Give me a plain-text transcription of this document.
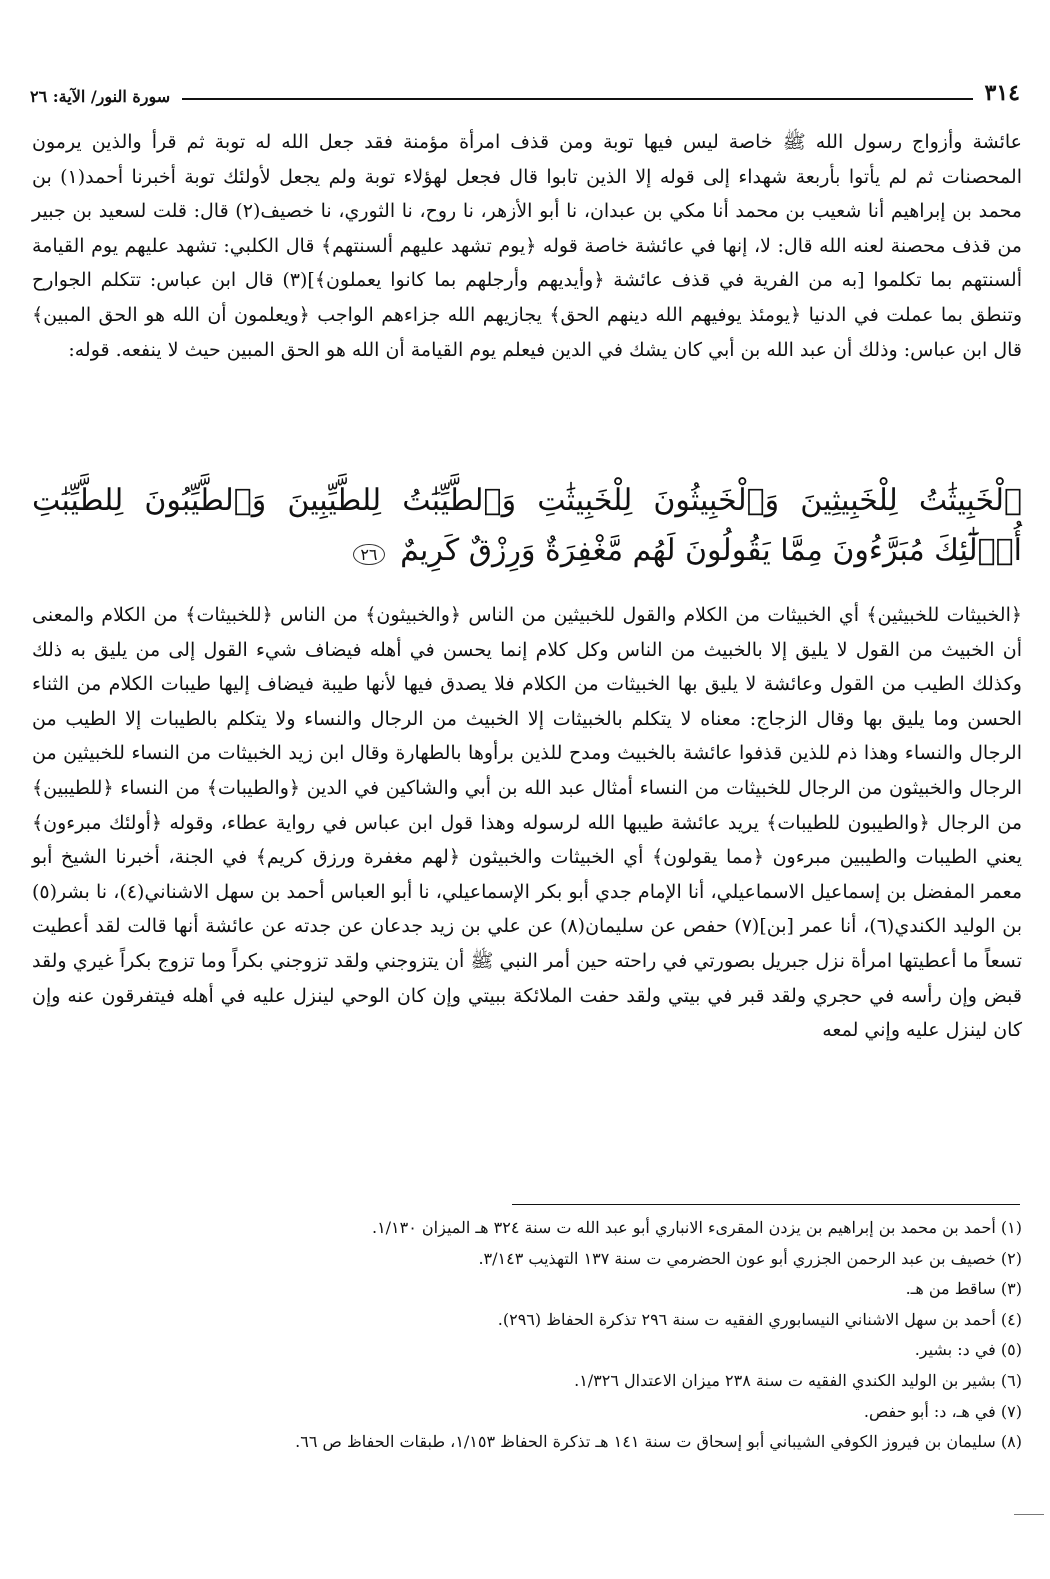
٣١٤
سورة النور/ الآية: ٢٦

عائشة وأزواج رسول الله ﷺ خاصة ليس فيها توبة ومن قذف امرأة مؤمنة فقد جعل الله له توبة ثم قرأ والذين يرمون المحصنات ثم لم يأتوا بأربعة شهداء إلى قوله إلا الذين تابوا قال فجعل لهؤلاء توبة ولم يجعل لأولئك توبة أخبرنا أحمد(١) بن محمد بن إبراهيم أنا شعيب بن محمد أنا مكي بن عبدان، نا أبو الأزهر، نا روح، نا الثوري، نا خصيف(٢) قال: قلت لسعيد بن جبير من قذف محصنة لعنه الله قال: لا، إنها في عائشة خاصة قوله ﴿يوم تشهد عليهم ألسنتهم﴾ قال الكلبي: تشهد عليهم يوم القيامة ألسنتهم بما تكلموا [به من الفرية في قذف عائشة ﴿وأيديهم وأرجلهم بما كانوا يعملون﴾](٣) قال ابن عباس: تتكلم الجوارح وتنطق بما عملت في الدنيا ﴿يومئذ يوفيهم الله دينهم الحق﴾ يجازيهم الله جزاءهم الواجب ﴿ويعلمون أن الله هو الحق المبين﴾ قال ابن عباس: وذلك أن عبد الله بن أبي كان يشك في الدين فيعلم يوم القيامة أن الله هو الحق المبين حيث لا ينفعه. قوله:

ٱلْخَبِيثَٰتُ لِلْخَبِيثِينَ وَٱلْخَبِيثُونَ لِلْخَبِيثَٰتِ وَٱلطَّيِّبَٰتُ لِلطَّيِّبِينَ وَٱلطَّيِّبُونَ لِلطَّيِّبَٰتِ أُو۟لَٰٓئِكَ مُبَرَّءُونَ مِمَّا يَقُولُونَ لَهُم مَّغْفِرَةٌ وَرِزْقٌ كَرِيمٌ ٢٦

﴿الخبيثات للخبيثين﴾ أي الخبيثات من الكلام والقول للخبيثين من الناس ﴿والخبيثون﴾ من الناس ﴿للخبيثات﴾ من الكلام والمعنى أن الخبيث من القول لا يليق إلا بالخبيث من الناس وكل كلام إنما يحسن في أهله فيضاف شيء القول إلى من يليق به ذلك وكذلك الطيب من القول وعائشة لا يليق بها الخبيثات من الكلام فلا يصدق فيها لأنها طيبة فيضاف إليها طيبات الكلام من الثناء الحسن وما يليق بها وقال الزجاج: معناه لا يتكلم بالخبيثات إلا الخبيث من الرجال والنساء ولا يتكلم بالطيبات إلا الطيب من الرجال والنساء وهذا ذم للذين قذفوا عائشة بالخبيث ومدح للذين برأوها بالطهارة وقال ابن زيد الخبيثات من النساء للخبيثين من الرجال والخبيثون من الرجال للخبيثات من النساء أمثال عبد الله بن أبي والشاكين في الدين ﴿والطيبات﴾ من النساء ﴿للطيبين﴾ من الرجال ﴿والطيبون للطيبات﴾ يريد عائشة طيبها الله لرسوله وهذا قول ابن عباس في رواية عطاء، وقوله ﴿أولئك مبرءون﴾ يعني الطيبات والطيبين مبرءون ﴿مما يقولون﴾ أي الخبيثات والخبيثون ﴿لهم مغفرة ورزق كريم﴾ في الجنة، أخبرنا الشيخ أبو معمر المفضل بن إسماعيل الاسماعيلي، أنا الإمام جدي أبو بكر الإسماعيلي، نا أبو العباس أحمد بن سهل الاشناني(٤)، نا بشر(٥) بن الوليد الكندي(٦)، أنا عمر [بن](٧) حفص عن سليمان(٨) عن علي بن زيد جدعان عن جدته عن عائشة أنها قالت لقد أعطيت تسعاً ما أعطيتها امرأة نزل جبريل بصورتي في راحته حين أمر النبي ﷺ أن يتزوجني ولقد تزوجني بكراً وما تزوج بكراً غيري ولقد قبض وإن رأسه في حجري ولقد قبر في بيتي ولقد حفت الملائكة ببيتي وإن كان الوحي لينزل عليه في أهله فيتفرقون عنه وإن كان لينزل عليه وإني لمعه

(١) أحمد بن محمد بن إبراهيم بن يزدن المقرىء الانباري أبو عبد الله ت سنة ٣٢٤ هـ الميزان ١/١٣٠.
(٢) خصيف بن عبد الرحمن الجزري أبو عون الحضرمي ت سنة ١٣٧ التهذيب ٣/١٤٣.
(٣) ساقط من هـ.
(٤) أحمد بن سهل الاشناني النيسابوري الفقيه ت سنة ٢٩٦ تذكرة الحفاظ (٢٩٦).
(٥) في د: بشير.
(٦) بشير بن الوليد الكندي الفقيه ت سنة ٢٣٨ ميزان الاعتدال ١/٣٢٦.
(٧) في هـ، د: أبو حفص.
(٨) سليمان بن فيروز الكوفي الشيباني أبو إسحاق ت سنة ١٤١ هـ تذكرة الحفاظ ١/١٥٣، طبقات الحفاظ ص ٦٦.
